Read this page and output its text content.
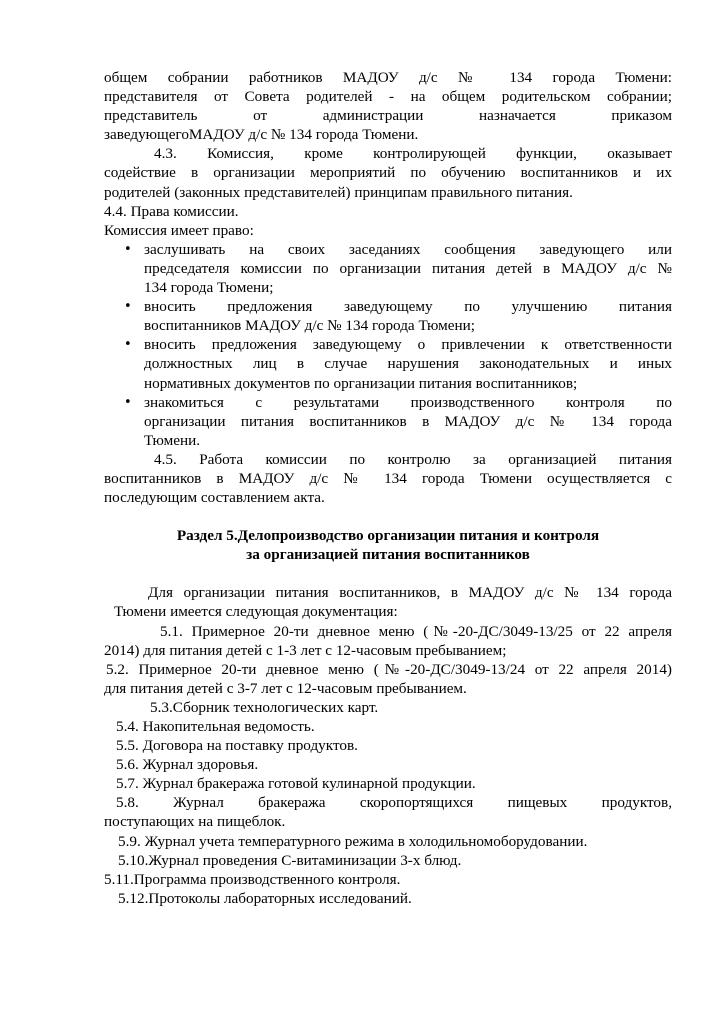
общем собрании работников МАДОУ д/с № 134 города Тюмени:

представителя от Совета родителей - на общем родительском собрании;

представитель от администрации назначается приказом

заведующегоМАДОУ д/с № 134 города Тюмени.

4.3. Комиссия, кроме контролирующей функции, оказывает

содействие в организации мероприятий по обучению воспитанников и их

родителей (законных представителей) принципам правильного питания.

4.4. Права комиссии.

Комиссия имеет право:

• заслушивать на своих заседаниях сообщения заведующего или

председателя комиссии по организации питания детей в МАДОУ д/с №

134 города Тюмени;

• вносить предложения заведующему по улучшению питания

воспитанников МАДОУ д/с № 134 города Тюмени;

• вносить предложения заведующему о привлечении к ответственности

должностных лиц в случае нарушения законодательных и иных

нормативных документов по организации питания воспитанников;

• знакомиться с результатами производственного контроля по

организации питания воспитанников в МАДОУ д/с № 134 города

Тюмени.

4.5. Работа комиссии по контролю за организацией питания

воспитанников в МАДОУ д/с № 134 города Тюмени осуществляется с

последующим составлением акта.

Раздел 5.Делопроизводство организации питания и контроля

за организацией питания воспитанников

Для организации питания воспитанников, в МАДОУ д/с № 134 города

Тюмени имеется следующая документация:

5.1. Примерное 20-ти дневное меню (№-20-ДС/3049-13/25 от 22 апреля

2014) для питания детей с 1-3 лет с 12-часовым пребыванием;

5.2. Примерное 20-ти дневное меню (№-20-ДС/3049-13/24 от 22 апреля 2014)

для питания детей с 3-7 лет с 12-часовым пребыванием.

5.3.Сборник технологических карт.

5.4. Накопительная ведомость.

5.5. Договора на поставку продуктов.

5.6. Журнал здоровья.

5.7. Журнал бракеража готовой кулинарной продукции.

5.8. Журнал бракеража скоропортящихся пищевых продуктов,

поступающих на пищеблок.

5.9. Журнал учета температурного режима в холодильномоборудовании.

5.10.Журнал проведения С-витаминизации 3-х блюд.

5.11.Программа производственного контроля.

5.12.Протоколы лабораторных исследований.
